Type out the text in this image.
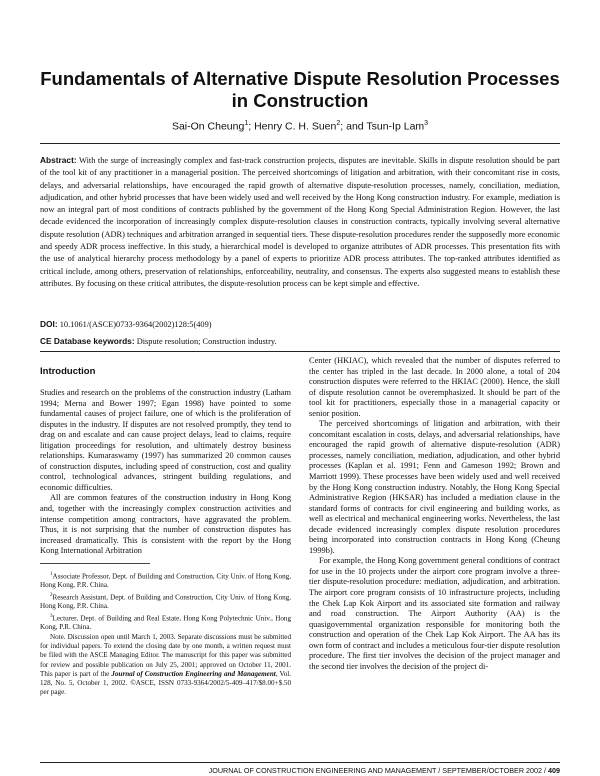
Fundamentals of Alternative Dispute Resolution Processes in Construction
Sai-On Cheung$^1$; Henry C. H. Suen$^2$; and Tsun-Ip Lam$^3$

Abstract: With the surge of increasingly complex and fast-track construction projects, disputes are inevitable. Skills in dispute resolution should be part of the tool kit of any practitioner in a managerial position. The perceived shortcomings of litigation and arbitration, with their concomitant rise in costs, delays, and adversarial relationships, have encouraged the rapid growth of alternative dispute-resolution processes, namely, conciliation, mediation, adjudication, and other hybrid processes that have been widely used and well received by the Hong Kong construction industry. For example, mediation is now an integral part of most conditions of contracts published by the government of the Hong Kong Special Administration Region. However, the last decade evidenced the incorporation of increasingly complex dispute-resolution clauses in construction contracts, typically involving several alternative dispute resolution (ADR) techniques and arbitration arranged in sequential tiers. These dispute-resolution procedures render the supposedly more economic and speedy ADR process ineffective. In this study, a hierarchical model is developed to organize attributes of ADR processes. This presentation fits with the use of analytical hierarchy process methodology by a panel of experts to prioritize ADR process attributes. The top-ranked attributes identified as critical include, among others, preservation of relationships, enforceability, neutrality, and consensus. The experts also suggested means to establish these attributes. By focusing on these critical attributes, the dispute-resolution process can be kept simple and effective.

DOI: 10.1061/(ASCE)0733-9364(2002)128:5(409)
CE Database keywords: Dispute resolution; Construction industry.
Introduction

Studies and research on the problems of the construction industry (Latham 1994; Merna and Bower 1997; Egan 1998) have pointed to some fundamental causes of project failure, one of which is the proliferation of disputes in the industry. If disputes are not resolved promptly, they tend to drag on and escalate and can cause project delays, lead to claims, require litigation proceedings for resolution, and ultimately destroy business relationships. Kumaraswamy (1997) has summarized 20 common causes of construction disputes, including speed of construction, cost and quality control, technological advances, stringent building regulations, and economic difficulties.

All are common features of the construction industry in Hong Kong and, together with the increasingly complex construction activities and intense competition among contractors, have aggravated the problem. Thus, it is not surprising that the number of construction disputes has increased dramatically. This is consistent with the report by the Hong Kong International Arbitration

$^1$Associate Professor, Dept. of Building and Construction, City Univ. of Hong Kong, Hong Kong, P.R. China.

$^2$Research Assistant, Dept. of Building and Construction, City Univ. of Hong Kong, Hong Kong, P.R. China.

$^3$Lecturer, Dept. of Building and Real Estate, Hong Kong Polytechnic Univ., Hong Kong, P.R. China.

Note. Discussion open until March 1, 2003. Separate discussions must be submitted for individual papers. To extend the closing date by one month, a written request must be filed with the ASCE Managing Editor. The manuscript for this paper was submitted for review and possible publication on July 25, 2001; approved on October 11, 2001. This paper is part of the Journal of Construction Engineering and Management, Vol. 128, No. 5, October 1, 2002. ©ASCE, ISSN 0733-9364/2002/5-409–417/$8.00+$.50 per page.

Center (HKIAC), which revealed that the number of disputes referred to the center has tripled in the last decade. In 2000 alone, a total of 204 construction disputes were referred to the HKIAC (2000). Hence, the skill of dispute resolution cannot be overemphasized. It should be part of the tool kit for practitioners, especially those in a managerial capacity or senior position.

The perceived shortcomings of litigation and arbitration, with their concomitant escalation in costs, delays, and adversarial relationships, have encouraged the rapid growth of alternative dispute-resolution (ADR) processes, namely conciliation, mediation, adjudication, and other hybrid processes (Kaplan et al. 1991; Fenn and Gameson 1992; Brown and Marriott 1999). These processes have been widely used and well received by the Hong Kong construction industry. Notably, the Hong Kong Special Administrative Region (HKSAR) has included a mediation clause in the standard forms of contracts for civil engineering and building works, as well as electrical and mechanical engineering works. Nevertheless, the last decade evidenced increasingly complex dispute resolution procedures being incorporated into construction contracts in Hong Kong (Cheung 1999b).

For example, the Hong Kong government general conditions of contract for use in the 10 projects under the airport core program involve a three-tier dispute-resolution procedure: mediation, adjudication, and arbitration. The airport core program consists of 10 infrastructure projects, including the Chek Lap Kok Airport and its associated site formation and railway and road construction. The Airport Authority (AA) is the quasigovernmental organization responsible for monitoring both the construction and operation of the Chek Lap Kok Airport. The AA has its own form of contract and includes a meticulous four-tier dispute resolution procedure. The first tier involves the decision of the project manager and the second tier involves the decision of the project di-

JOURNAL OF CONSTRUCTION ENGINEERING AND MANAGEMENT / SEPTEMBER/OCTOBER 2002 / 409
